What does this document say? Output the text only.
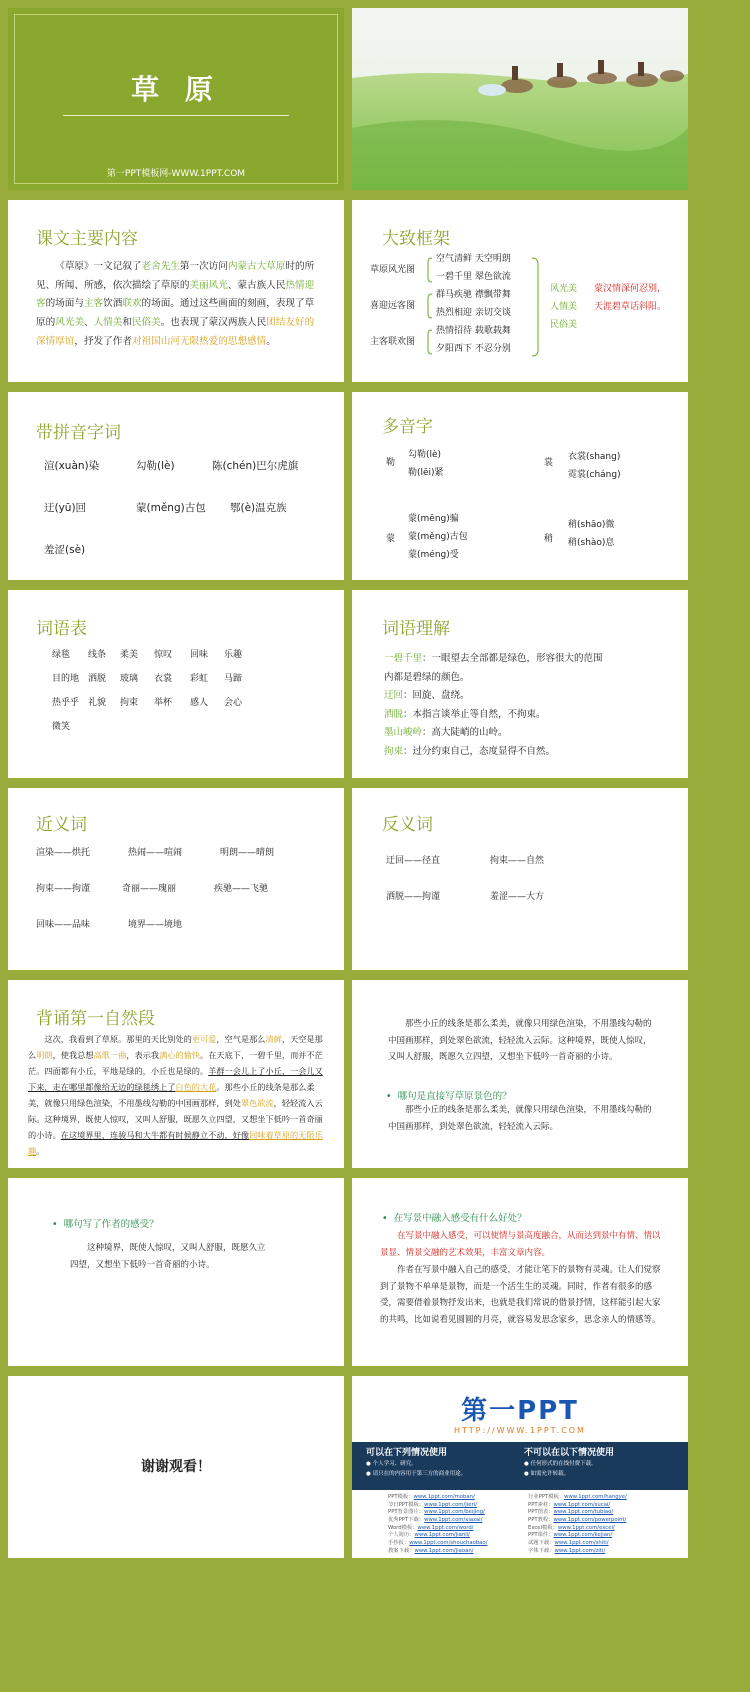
草 原
第一PPT模板网-WWW.1PPT.COM
课文主要内容
《草原》一文记叙了老舍先生第一次访问内蒙古大草原时的所见、所闻、所感，依次描绘了草原的美丽风光、蒙古族人民热情迎客的场面与主客饮酒联欢的场面。通过这些画面的刻画，表现了草原的风光美、人情美和民俗美。也表现了蒙汉两族人民团结友好的深情厚谊，抒发了作者对祖国山河无限热爱的思想感情。
大致框架
草原风光图
喜迎远客图
主客联欢图
空气清鲜 天空明朗
一碧千里 翠色欲流
群马疾驰 襟飘带舞
热烈相迎 亲切交谈
热情招待 载歌载舞
夕阳西下 不忍分别
风光美
人情美
民俗美
蒙汉情深何忍别，
天涯碧草话斜阳。
带拼音字词
渲(xuàn)染	勾勒(lè)	陈(chén)巴尔虎旗
迂(yū)回	蒙(měng)古包 鄂(è)温克族
羞涩(sè)
多音字
勒
勾勒(lè)
勒(lēi)紧
裳
衣裳(shang)
霓裳(cháng)
蒙
蒙(mēng)骗
蒙(měng)古包
蒙(méng)受
稍
稍(shāo)微
稍(shào)息
词语表
绿毯 线条 柔美 惊叹 回味 乐趣
目的地 洒脱 玻璃 衣裳 彩虹 马蹄
热乎乎 礼貌 拘束 举杯 感人 会心
微笑
词语理解
一碧千里：一眼望去全部都是绿色，形容很大的范围
内都是碧绿的颜色。
迂回：回旋、盘绕。
洒脱：本指言谈举止等自然，不拘束。
墨山峻岭：高大陡峭的山岭。
拘束：过分约束自己，态度显得不自然。
近义词
渲染——烘托	热闹——喧闹	明朗——晴朗
拘束——拘谨	奇丽——瑰丽	疾驰——飞驰
回味——品味	境界——境地
反义词
迂回——径直	拘束——自然
洒脱——拘谨	羞涩——大方
背诵第一自然段
这次，我看到了草原。那里的天比别处的更可爱，空气是那么清鲜，天空是那么明朗，使我总想高歌一曲，表示我满心的愉快。在天底下，一碧千里，而并不茫茫。四面都有小丘，平地是绿的，小丘也是绿的。羊群一会儿上了小丘，一会儿又下来，走在哪里都像给无边的绿毯绣上了白色的大花。那些小丘的线条是那么柔美，就像只用绿色渲染，不用墨线勾勒的中国画那样，到处翠色欲流，轻轻流入云际。这种境界，既使人惊叹，又叫人舒服，既愿久立四望，又想坐下低吟一首奇丽的小诗。在这境界里，连骏马和大牛都有时候静立不动，好像回味着草原的无限乐趣。
那些小丘的线条是那么柔美，就像只用绿色渲染，不用墨线勾勒的中国画那样，到处翠色欲流，轻轻流入云际。这种境界，既使人惊叹，又叫人舒服，既愿久立四望，又想坐下低吟一首奇丽的小诗。
•  哪句是直接写草原景色的？
那些小丘的线条是那么柔美，就像只用绿色渲染，不用墨线勾勒的中国画那样，到处翠色欲流，轻轻流入云际。
•  哪句写了作者的感受？
这种境界，既使人惊叹，又叫人舒服，既愿久立四望，又想坐下低吟一首奇丽的小诗。
•  在写景中融入感受有什么好处？
在写景中融入感受，可以使情与景高度融合，从而达到景中有情、情以景显、情景交融的艺术效果，丰富文章内容。
作者在写景中融入自己的感受，才能让笔下的景物有灵魂。让人们觉察到了景物不单单是景物，而是一个活生生的灵魂。同时，作者有很多的感受，需要借着景物抒发出来，也就是我们常说的借景抒情，这样能引起大家的共鸣，比如说看见圆圆的月亮，就容易发思念家乡，思念亲人的情感等。
谢谢观看！
第一PPT
HTTP://WWW.1PPT.COM
可以在下列情况使用
● 个人学习、研究。
● 请只在的内容用于第三方的商业用途。
不可以在以下情况使用
● 任何形式的在线付费下载。
● 如需允许转载。
PPT模板：www.1ppt.com/moban/
节日PPT模板：www.1ppt.com/jieri/
PPT背景图片：www.1ppt.com/beijing/
优秀PPT下载：www.1ppt.com/xiazai/
Word模板：www.1ppt.com/word/
个人简历：www.1ppt.com/jianli/
手抄报：www.1ppt.com/shouchaobao/
教案下载：www.1ppt.com/jiaoan/
行业PPT模板：www.1ppt.com/hangye/
PPT素材：www.1ppt.com/sucai/
PPT图表：www.1ppt.com/tubiao/
PPT教程：www.1ppt.com/powerpoint/
Excel模板：www.1ppt.com/excel/
PPT课件：www.1ppt.com/kejian/
试题下载：www.1ppt.com/shiti/
字体下载：www.1ppt.com/ziti/
